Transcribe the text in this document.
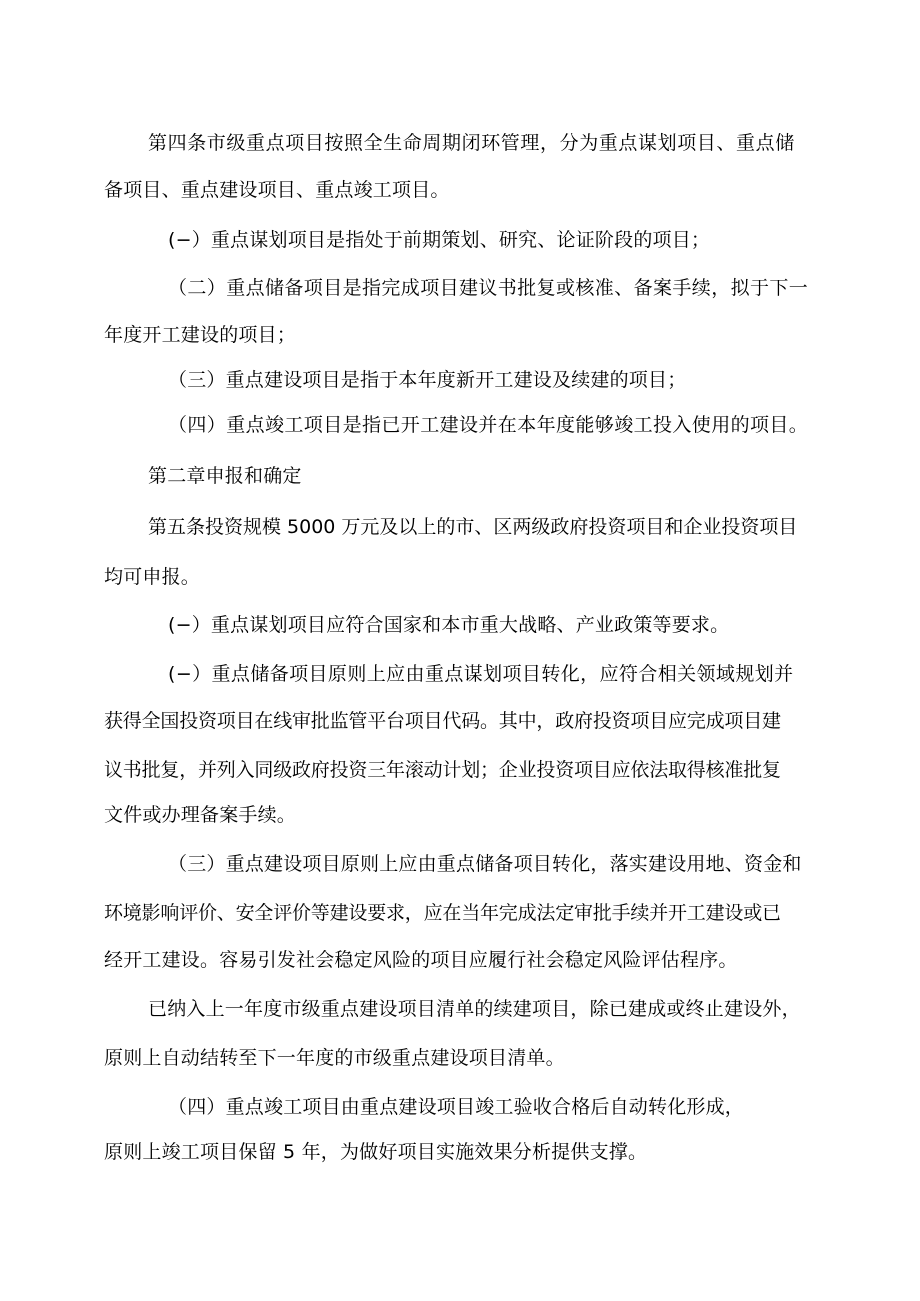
第四条市级重点项目按照全生命周期闭环管理，分为重点谋划项目、重点储
备项目、重点建设项目、重点竣工项目。
(−）重点谋划项目是指处于前期策划、研究、论证阶段的项目；
（二）重点储备项目是指完成项目建议书批复或核准、备案手续，拟于下一
年度开工建设的项目；
（三）重点建设项目是指于本年度新开工建设及续建的项目；
（四）重点竣工项目是指已开工建设并在本年度能够竣工投入使用的项目。
第二章申报和确定
第五条投资规模 5000 万元及以上的市、区两级政府投资项目和企业投资项目
均可申报。
(−）重点谋划项目应符合国家和本市重大战略、产业政策等要求。
(−）重点储备项目原则上应由重点谋划项目转化，应符合相关领域规划并
获得全国投资项目在线审批监管平台项目代码。其中，政府投资项目应完成项目建
议书批复，并列入同级政府投资三年滚动计划；企业投资项目应依法取得核准批复
文件或办理备案手续。
（三）重点建设项目原则上应由重点储备项目转化，落实建设用地、资金和
环境影响评价、安全评价等建设要求，应在当年完成法定审批手续并开工建设或已
经开工建设。容易引发社会稳定风险的项目应履行社会稳定风险评估程序。
已纳入上一年度市级重点建设项目清单的续建项目，除已建成或终止建设外，
原则上自动结转至下一年度的市级重点建设项目清单。
（四）重点竣工项目由重点建设项目竣工验收合格后自动转化形成，
原则上竣工项目保留 5 年，为做好项目实施效果分析提供支撑。
